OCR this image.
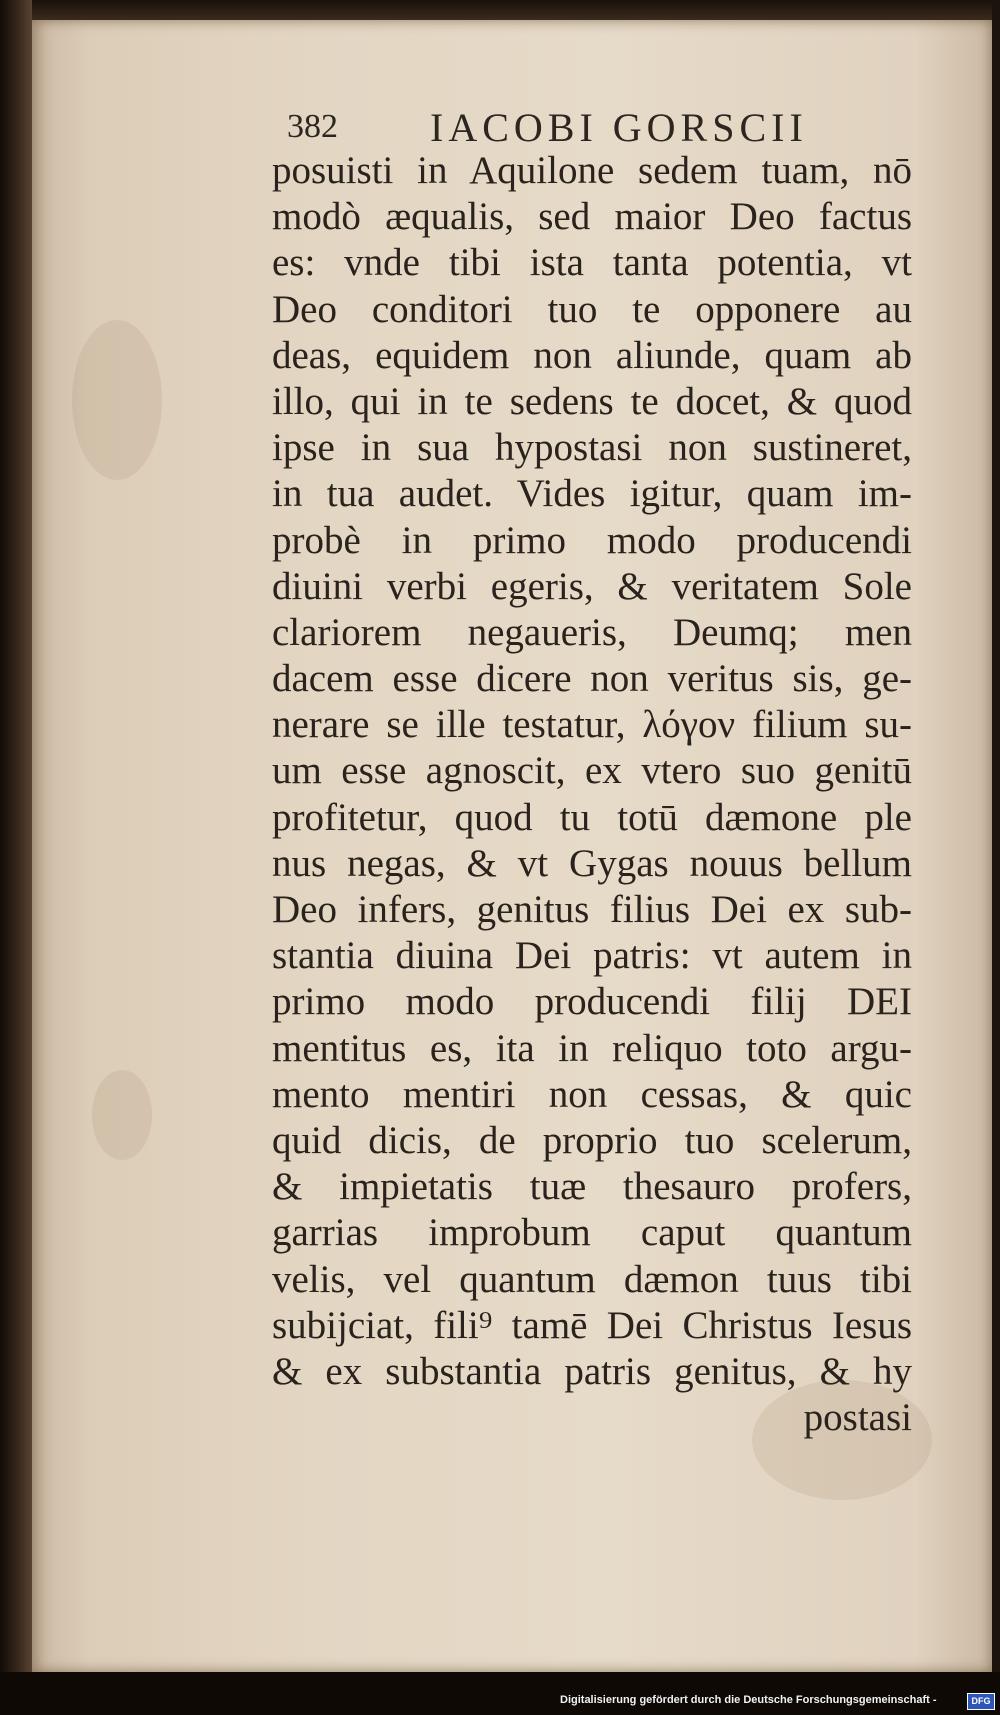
382 IACOBI GORSCII
posuisti in Aquilone sedem tuam, nō
modò æqualis, sed maior Deo factus
es: vnde tibi ista tanta potentia, vt
Deo conditori tuo te opponere au
deas, equidem non aliunde, quam ab
illo, qui in te sedens te docet, & quod
ipse in sua hypostasi non sustineret,
in tua audet. Vides igitur, quam im-
probè in primo modo producendi
diuini verbi egeris, & veritatem Sole
clariorem negaueris, Deumq; men
dacem esse dicere non veritus sis, ge-
nerare se ille testatur, λόγον filium su-
um esse agnoscit, ex vtero suo genitū
profitetur, quod tu totū dæmone ple
nus negas, & vt Gygas nouus bellum
Deo infers, genitus filius Dei ex sub-
stantia diuina Dei patris: vt autem in
primo modo producendi filij DEI
mentitus es, ita in reliquo toto argu-
mento mentiri non cessas, & quic
quid dicis, de proprio tuo scelerum,
& impietatis tuæ thesauro profers,
garrias improbum caput quantum
velis, vel quantum dæmon tuus tibi
subijciat, fili⁹ tamē Dei Christus Iesus
& ex substantia patris genitus, & hy
postasi
Digitalisierung gefördert durch die Deutsche Forschungsgemeinschaft -	DFG
